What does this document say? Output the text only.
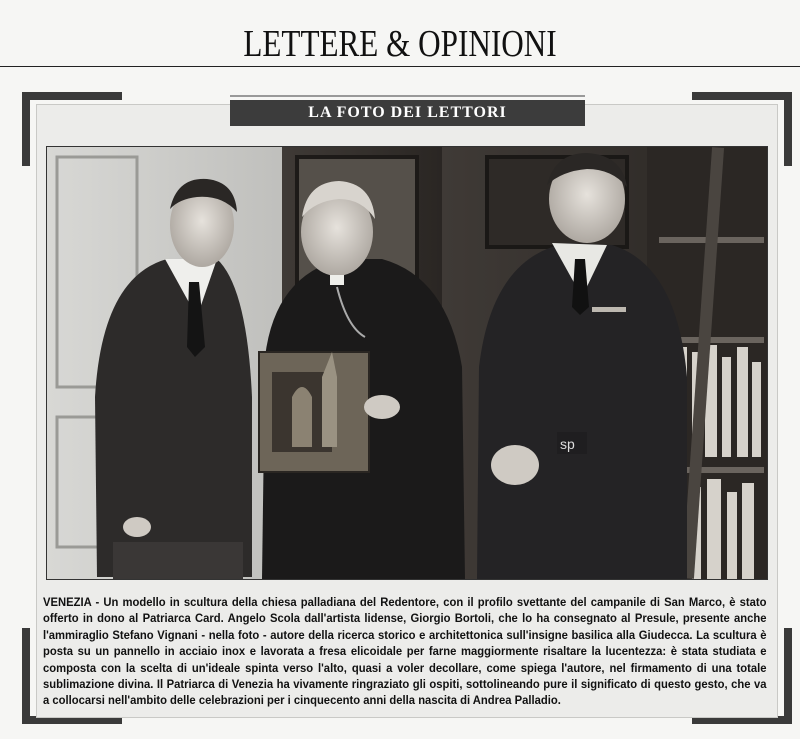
LETTERE & OPINIONI
LA FOTO DEI LETTORI
sp
VENEZIA - Un modello in scultura della chiesa palladiana del Redentore, con il profilo svettante del campanile di San Marco, è stato offerto in dono al Patriarca Card. Angelo Scola dall'artista lidense, Giorgio Bortoli, che lo ha consegnato al Presule, presente anche l'ammiraglio Stefano Vignani - nella foto - autore della ricerca storico e architettonica sull'insigne basilica alla Giudecca. La scultura è posta su un pannello in acciaio inox e lavorata a fresa elicoidale per farne maggiormente risaltare la lucentezza: è stata studiata e composta con la scelta di un'ideale spinta verso l'alto, quasi a voler decollare, come spiega l'autore, nel firmamento di una totale sublimazione divina. Il Patriarca di Venezia ha vivamente ringraziato gli ospiti, sottolineando pure il significato di questo gesto, che va a collocarsi nell'ambito delle celebrazioni per i cinquecento anni della nascita di Andrea Palladio.
